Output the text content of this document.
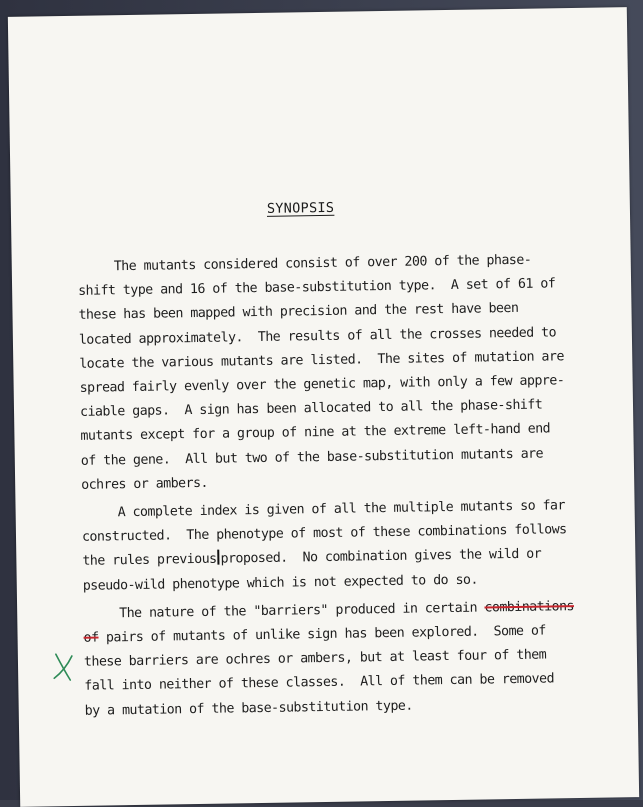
SYNOPSIS
The mutants considered consist of over 200 of the phase-
shift type and 16 of the base-substitution type.  A set of 61 of
these has been mapped with precision and the rest have been
located approximately.  The results of all the crosses needed to
locate the various mutants are listed.  The sites of mutation are
spread fairly evenly over the genetic map, with only a few appre-
ciable gaps.  A sign has been allocated to all the phase-shift
mutants except for a group of nine at the extreme left-hand end
of the gene.  All but two of the base-substitution mutants are
ochres or ambers.
A complete index is given of all the multiple mutants so far
constructed.  The phenotype of most of these combinations follows
the rules previous proposed.  No combination gives the wild or
pseudo-wild phenotype which is not expected to do so.
The nature of the "barriers" produced in certain combinations
of pairs of mutants of unlike sign has been explored.  Some of
these barriers are ochres or ambers, but at least four of them
fall into neither of these classes.  All of them can be removed
by a mutation of the base-substitution type.
